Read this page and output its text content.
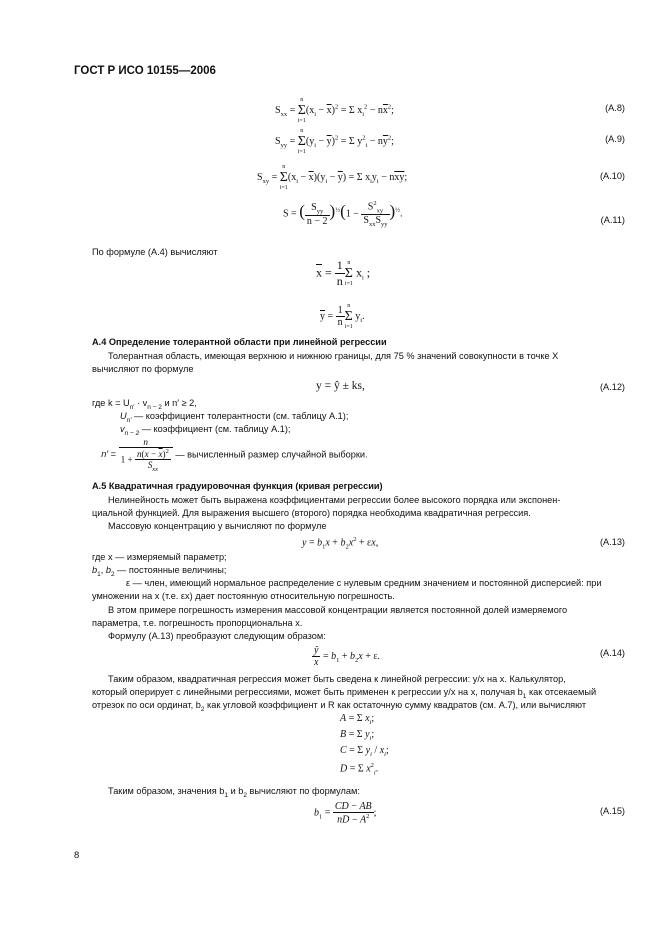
ГОСТ Р ИСО 10155—2006
$S_{xx}$ =
n
Σ
i=1
$(x_i - \overline{x})^2 = \Sigma$ $x_i^2 - n\overline{x}^2$;	(A.8)
$S_{yy}$ =
n
Σ
i=1
$(y_i - \overline{y})^2 = \Sigma$ $y^2_i - n\overline{y}^2$;	(A.9)
$S_{xy}$ =
n
Σ
i=1
$(x_i - \overline{x})(y_i - \overline{y}) = \Sigma$ $x_iy_i - n\overline{xy}$;	(A.10)
S = ( $\frac{S_{yy}}{n - 2} )^{\frac{1}{2}}(1 - \frac{S^2_{xy}}{S_{xx}S_{yy}} )^{\frac{1}{2}}$.
(A.11)
По формуле (A.4) вычисляют
$\overline{x} = \frac{1}{n}$ n
Σ
i=1
$x_i$ ;
$\overline{y} = \frac{1}{n}$ n
Σ
i=1
$y_i$.
A.4 Определение толерантной области при линейной регрессии
Толерантная область, имеющая верхнюю и нижнюю границы, для 75 % значений совокупности в точке X
вычисляют по формуле
y = ŷ ± ks,	(A.12)
где $k = U_{n'} \cdot v_{n - 2}$ и n′ ≥ 2,
$U_{n'}$ — коэффициент толерантности (см. таблицу A.1);
$v_{n - 2}$ — коэффициент (см. таблицу A.1);
$n' = \frac{n}{1 + \frac{n(x - \overline{x})^2}{S_{xx}}}$ — вычисленный размер случайной выборки.
A.5 Квадратичная градуировочная функция (кривая регрессии)
Нелинейность может быть выражена коэффициентами регрессии более высокого порядка или экспонен-
циальной функцией. Для выражения высшего (второго) порядка необходима квадратичная регрессия.
Массовую концентрацию y вычисляют по формуле
$y = b_1x + b_2x^2 + \varepsilon x$,	(A.13)
где x — измеряемый параметр;
$b_1$, $b_2$ — постоянные величины;
ε — член, имеющий нормальное распределение с нулевым средним значением и постоянной дисперсией: при
умножении на x (т.е. εx) дает постоянную относительную погрешность.
В этом примере погрешность измерения массовой концентрации является постоянной долей измеряемого
параметра, т.е. погрешность пропорциональна x.
Формулу (A.13) преобразуют следующим образом:
$\frac{ŷ}{x} = b_1 + b_2x + \varepsilon$.	(A.14)
Таким образом, квадратичная регрессия может быть сведена к линейной регрессии: y/x на x. Калькулятор,
который оперирует с линейными регрессиями, может быть применен к регрессии y/x на x, получая $b_1$ как отсекаемый
отрезок по оси ординат, $b_2$ как угловой коэффициент и R как остаточную сумму квадратов (см. A.7), или вычисляют
A = Σ $x_i$;
B = Σ $y_i$;
C = Σ $y_i / x_i$;
D = Σ $x^2_i$.
Таким образом, значения $b_1$ и $b_2$ вычисляют по формулам:
$b_1 = \frac{CD - AB}{nD - A^2}$ ;	(A.15)
8
